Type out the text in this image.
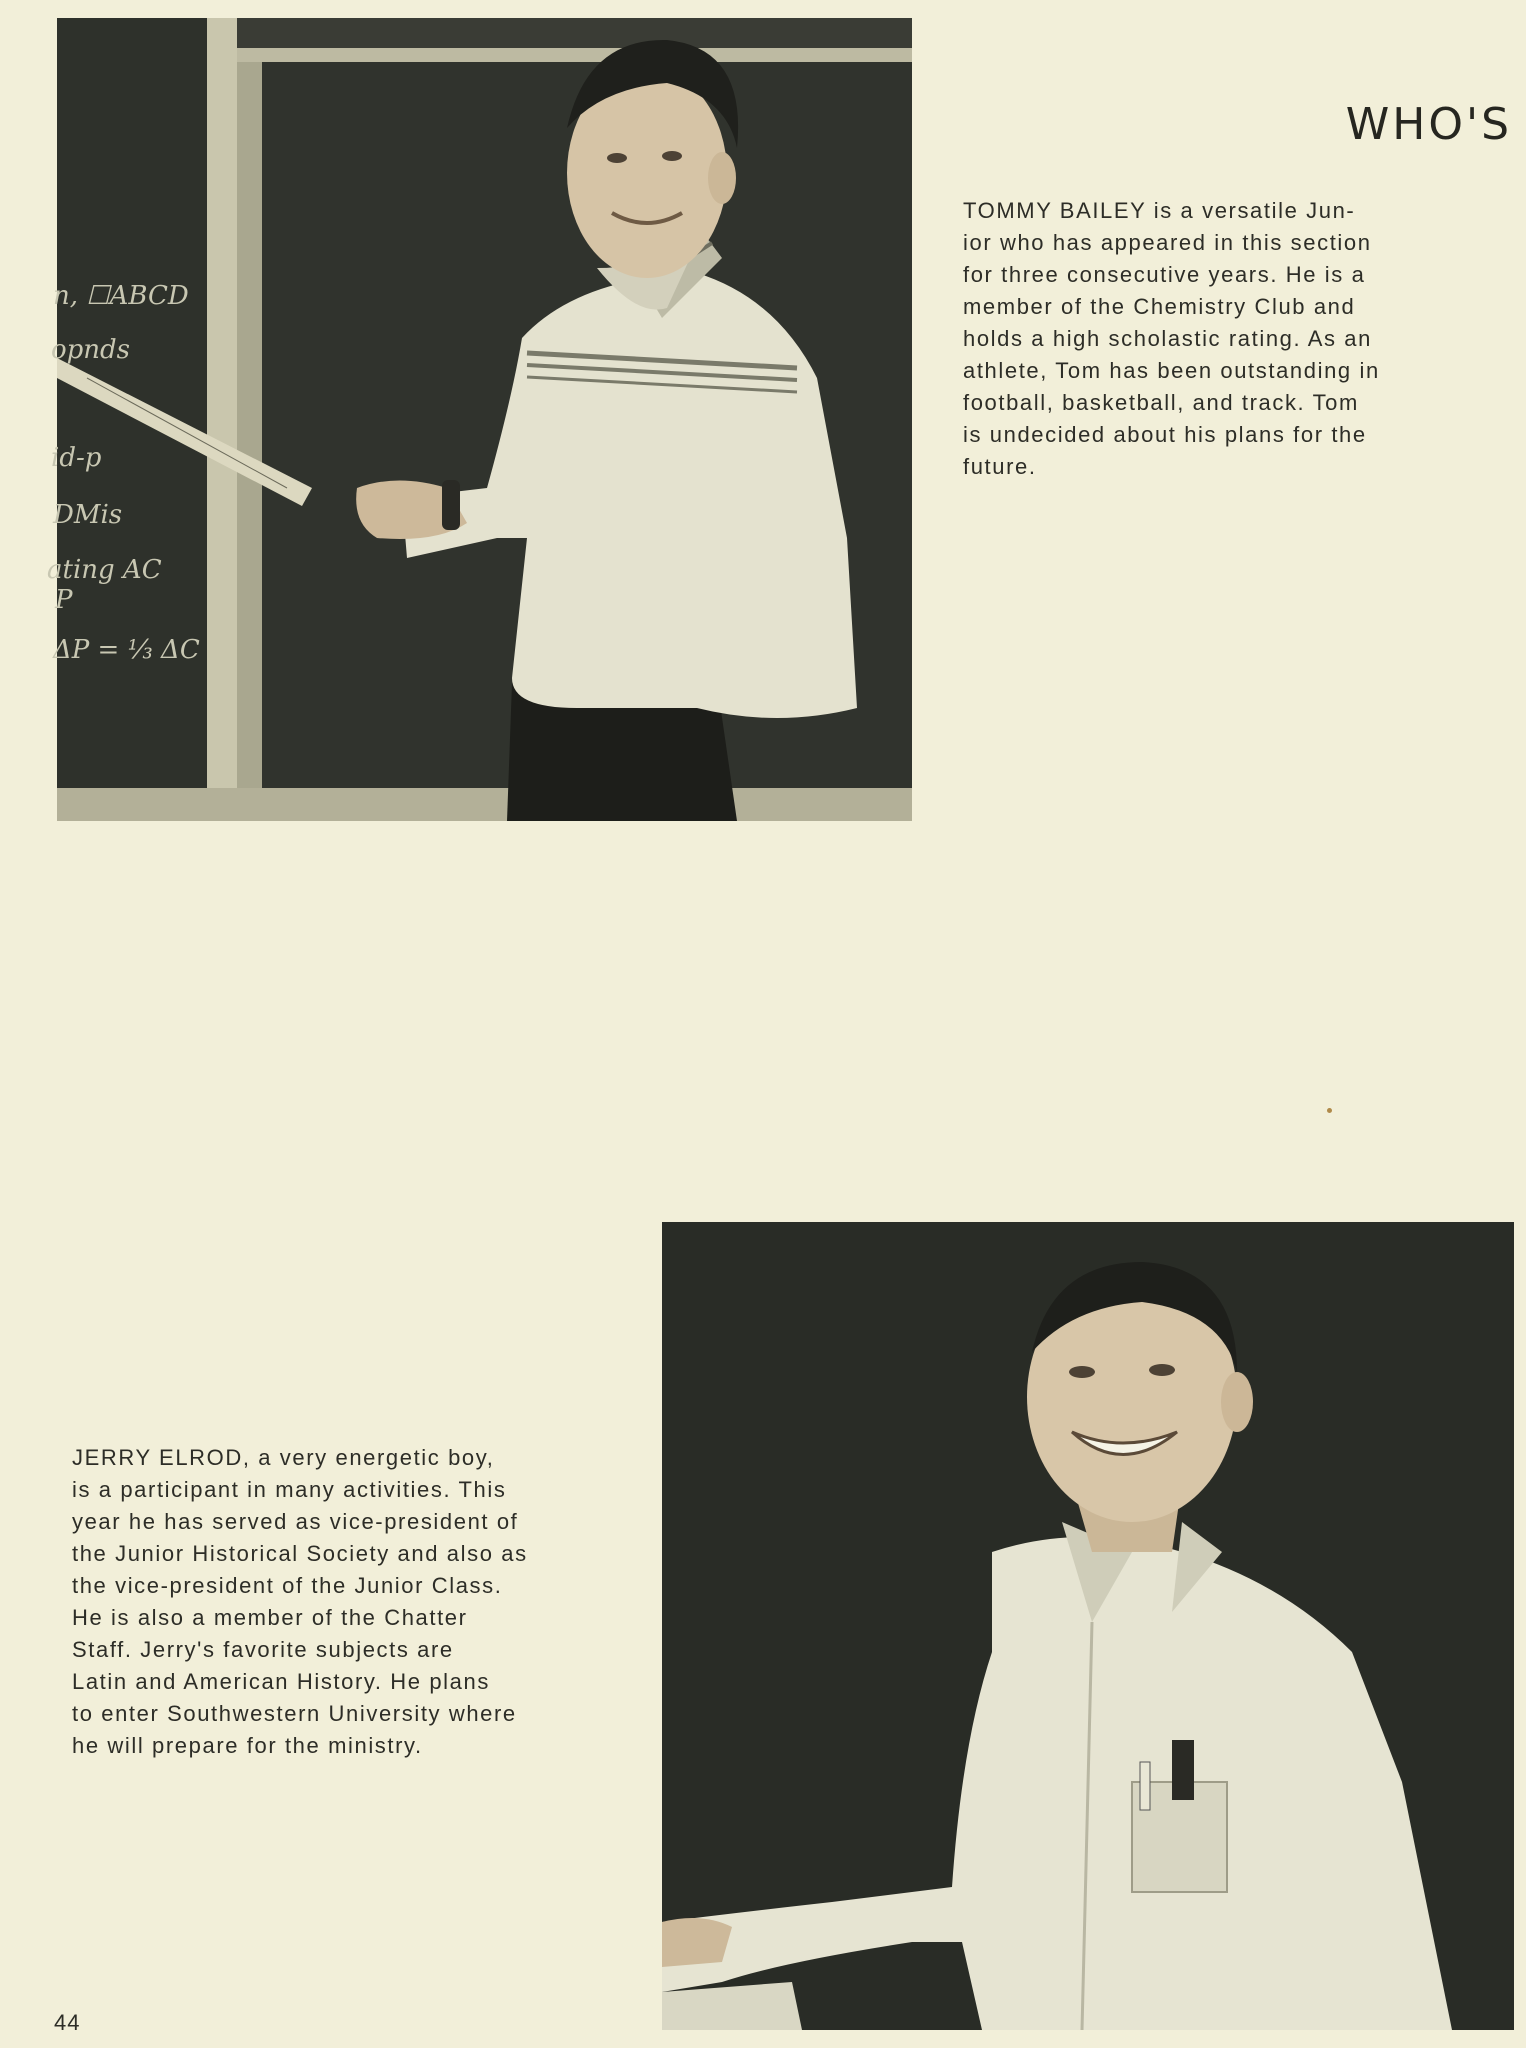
n, ☐ABCD
opnds
id-p
DMis
ating AC
P
ΔP = ⅓ ΔC
WHO'S

TOMMY BAILEY is a versatile Jun-
ior who has appeared in this section
for three consecutive years. He is a
member of the Chemistry Club and
holds a high scholastic rating. As an
athlete, Tom has been outstanding in
football, basketball, and track. Tom
is undecided about his plans for the
future.

JERRY ELROD, a very energetic boy,
is a participant in many activities. This
year he has served as vice-president of
the Junior Historical Society and also as
the vice-president of the Junior Class.
He is also a member of the Chatter
Staff. Jerry's favorite subjects are
Latin and American History. He plans
to enter Southwestern University where
he will prepare for the ministry.

44
